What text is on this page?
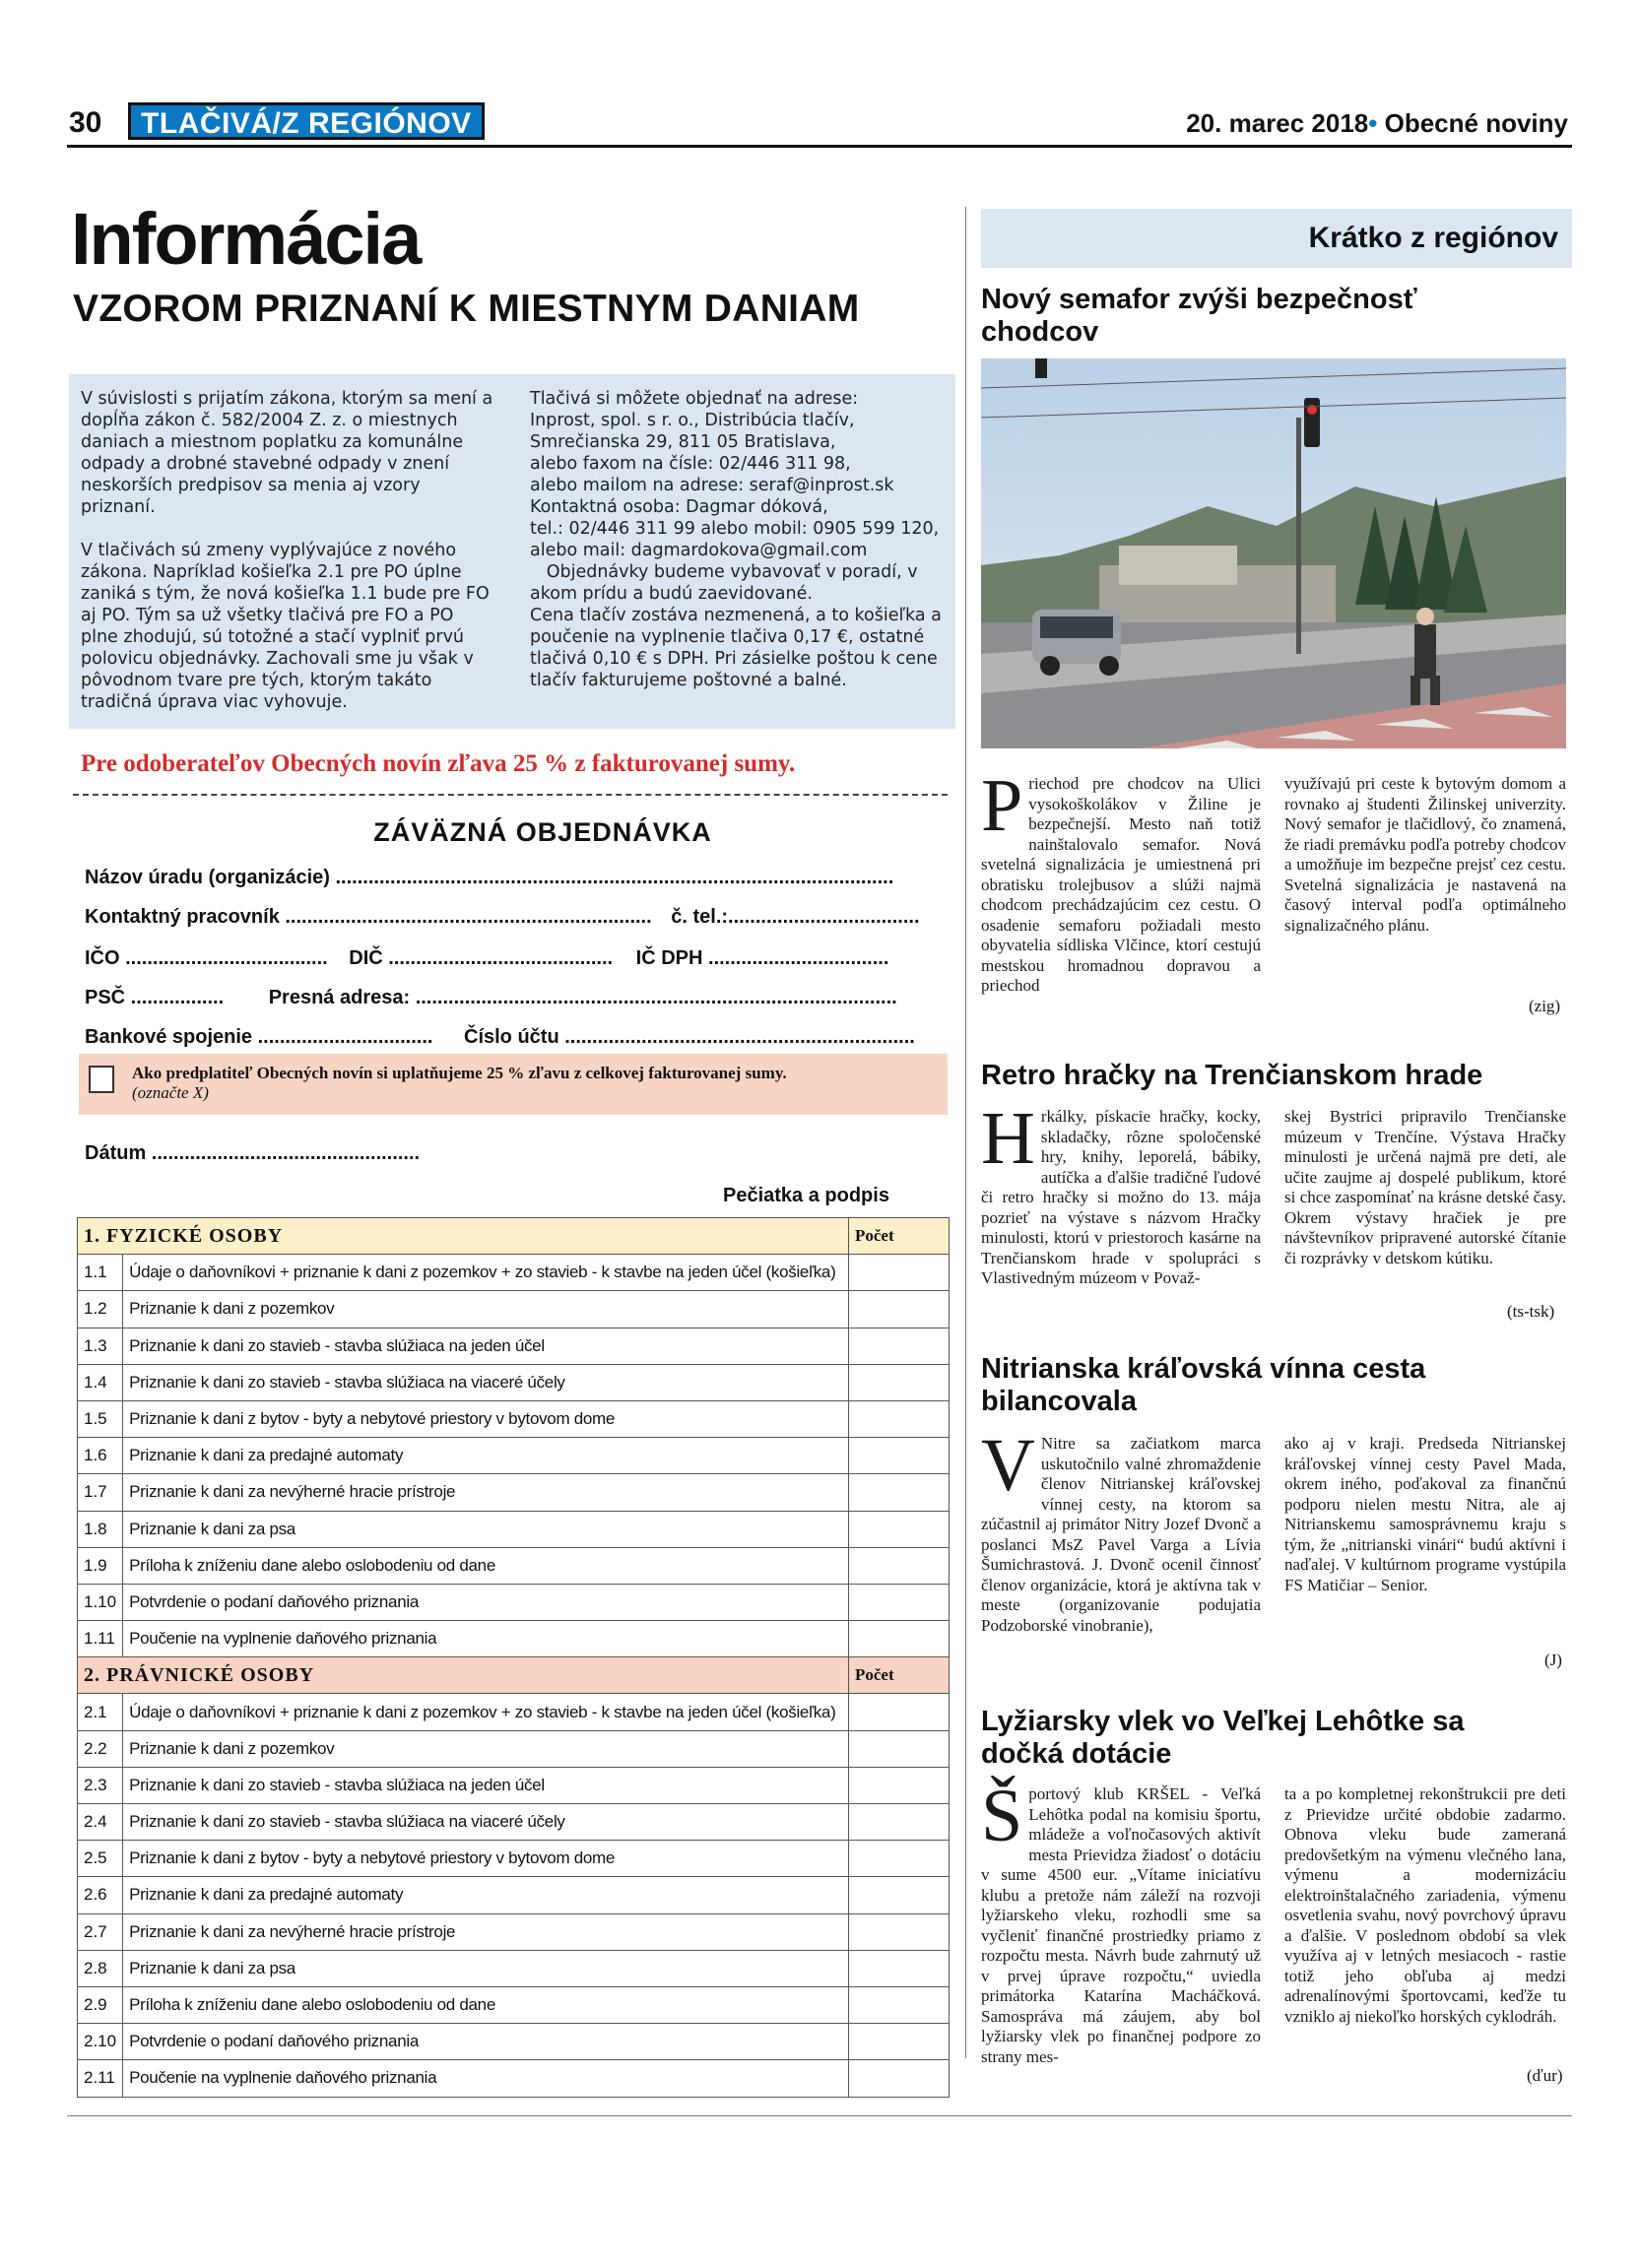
30	TLAČIVÁ/Z REGIÓNOV	20. marec 2018• Obecné noviny
Informácia
VZOROM PRIZNANÍ K MIESTNYM DANIAM

V súvislosti s prijatím zákona, ktorým sa mení a dopĺňa zákon č. 582/2004 Z. z. o miestnych daniach a miestnom poplatku za komunálne odpady a drobné stavebné odpady v znení neskorších predpisov sa menia aj vzory priznaní.

V tlačivách sú zmeny vyplývajúce z nového zákona. Napríklad košieľka 2.1 pre PO úplne zaniká s tým, že nová košieľka 1.1 bude pre FO aj PO. Tým sa už všetky tlačivá pre FO a PO plne zhodujú, sú totožné a stačí vyplniť prvú polovicu objednávky. Zachovali sme ju však v pôvodnom tvare pre tých, ktorým takáto tradičná úprava viac vyhovuje.

Tlačivá si môžete objednať na adrese:

Inprost, spol. s r. o., Distribúcia tlačív, Smrečianska 29, 811 05 Bratislava,

alebo faxom na čísle: 02/446 311 98,

alebo mailom na adrese: seraf@inprost.sk

Kontaktná osoba: Dagmar dóková,

tel.: 02/446 311 99 alebo mobil: 0905 599 120,

alebo mail: dagmardokova@gmail.com

Objednávky budeme vybavovať v poradí, v akom prídu a budú zaevidované.

Cena tlačív zostáva nezmenená, a to košieľka a poučenie na vyplnenie tlačiva 0,17 €, ostatné tlačivá 0,10 € s DPH. Pri zásielke poštou k cene tlačív fakturujeme poštovné a balné.

Pre odoberateľov Obecných novín zľava 25 % z fakturovanej sumy.
ZÁVÄZNÁ OBJEDNÁVKA
Názov úradu (organizácie) ......................................................................................................
Kontaktný pracovník ................................................................... č. tel.:...................................
IČO ..................................... DIČ ......................................... IČ DPH .................................
PSČ ................. Presná adresa: ........................................................................................
Bankové spojenie ................................ Číslo účtu ................................................................
Ako predplatiteľ Obecných novín si uplatňujeme 25 % zľavu z celkovej fakturovanej sumy.
(označte X)
Dátum .................................................
Pečiatka a podpis
1. FYZICKÉ OSOBY		Počet
1.1	Údaje o daňovníkovi + priznanie k dani z pozemkov + zo stavieb - k stavbe na jeden účel (košieľka)	
1.2	Priznanie k dani z pozemkov	
1.3	Priznanie k dani zo stavieb - stavba slúžiaca na jeden účel	
1.4	Priznanie k dani zo stavieb - stavba slúžiaca na viaceré účely	
1.5	Priznanie k dani z bytov - byty a nebytové priestory v bytovom dome	
1.6	Priznanie k dani za predajné automaty	
1.7	Priznanie k dani za nevýherné hracie prístroje	
1.8	Priznanie k dani za psa	
1.9	Príloha k zníženiu dane alebo oslobodeniu od dane	
1.10	Potvrdenie o podaní daňového priznania	
1.11	Poučenie na vyplnenie daňového priznania	
2. PRÁVNICKÉ OSOBY		Počet
2.1	Údaje o daňovníkovi + priznanie k dani z pozemkov + zo stavieb - k stavbe na jeden účel (košieľka)	
2.2	Priznanie k dani z pozemkov	
2.3	Priznanie k dani zo stavieb - stavba slúžiaca na jeden účel	
2.4	Priznanie k dani zo stavieb - stavba slúžiaca na viaceré účely	
2.5	Priznanie k dani z bytov - byty a nebytové priestory v bytovom dome	
2.6	Priznanie k dani za predajné automaty	
2.7	Priznanie k dani za nevýherné hracie prístroje	
2.8	Priznanie k dani za psa	
2.9	Príloha k zníženiu dane alebo oslobodeniu od dane	
2.10	Potvrdenie o podaní daňového priznania	
2.11	Poučenie na vyplnenie daňového priznania	
Krátko z regiónov
Nový semafor zvýši bezpečnosť chodcov
Priechod pre chodcov na Ulici vysokoškolákov v Žiline je bezpečnejší. Mesto naň totiž nainštalovalo semafor. Nová svetelná signalizácia je umiestnená pri obratisku trolejbusov a slúži najmä chodcom prechádzajúcim cez cestu. O osadenie semaforu požiadali mesto obyvatelia sídliska Vlčince, ktorí cestujú mestskou hromadnou dopravou a priechod
využívajú pri ceste k bytovým domom a rovnako aj študenti Žilinskej univerzity. Nový semafor je tlačidlový, čo znamená, že riadi premávku podľa potreby chodcov a umožňuje im bezpečne prejsť cez cestu. Svetelná signalizácia je nastavená na časový interval podľa optimálneho signalizačného plánu.
(zig)
Retro hračky na Trenčianskom hrade
Hrkálky, pískacie hračky, kocky, skladačky, rôzne spoločenské hry, knihy, leporelá, bábiky, autíčka a ďalšie tradičné ľudové či retro hračky si možno do 13. mája pozrieť na výstave s názvom Hračky minulosti, ktorú v priestoroch kasárne na Trenčianskom hrade v spolupráci s Vlastivedným múzeom v Považ-
skej Bystrici pripravilo Trenčianske múzeum v Trenčíne. Výstava Hračky minulosti je určená najmä pre deti, ale učite zaujme aj dospelé publikum, ktoré si chce zaspomínať na krásne detské časy. Okrem výstavy hračiek je pre návštevníkov pripravené autorské čítanie či rozprávky v detskom kútiku.
(ts-tsk)
Nitrianska kráľovská vínna cesta bilancovala
V Nitre sa začiatkom marca uskutočnilo valné zhromaždenie členov Nitrianskej kráľovskej vínnej cesty, na ktorom sa zúčastnil aj primátor Nitry Jozef Dvonč a poslanci MsZ Pavel Varga a Lívia Šumichrastová. J. Dvonč ocenil činnosť členov organizácie, ktorá je aktívna tak v meste (organizovanie podujatia Podzoborské vinobranie),
ako aj v kraji. Predseda Nitrianskej kráľovskej vínnej cesty Pavel Mada, okrem iného, poďakoval za finančnú podporu nielen mestu Nitra, ale aj Nitrianskemu samosprávnemu kraju s tým, že „nitrianski vinári“ budú aktívni i naďalej. V kultúrnom programe vystúpila FS Matičiar – Senior.
(J)
Lyžiarsky vlek vo Veľkej Lehôtke sa dočká dotácie
Športový klub KRŠEL - Veľká Lehôtka podal na komisiu športu, mládeže a voľnočasových aktivít mesta Prievidza žiadosť o dotáciu v sume 4500 eur. „Vítame iniciatívu klubu a pretože nám záleží na rozvoji lyžiarskeho vleku, rozhodli sme sa vyčleniť finančné prostriedky priamo z rozpočtu mesta. Návrh bude zahrnutý už v prvej úprave rozpočtu,“ uviedla primátorka Katarína Macháčková. Samospráva má záujem, aby bol lyžiarsky vlek po finančnej podpore zo strany mes-
ta a po kompletnej rekonštrukcii pre deti z Prievidze určité obdobie zadarmo. Obnova vleku bude zameraná predovšetkým na výmenu vlečného lana, výmenu a modernizáciu elektroinštalačného zariadenia, výmenu osvetlenia svahu, nový povrchový úpravu a ďalšie. V poslednom období sa vlek využíva aj v letných mesiacoch - rastie totiž jeho obľuba aj medzi adrenalínovými športovcami, keďže tu vzniklo aj niekoľko horských cyklodráh.
(ďur)
